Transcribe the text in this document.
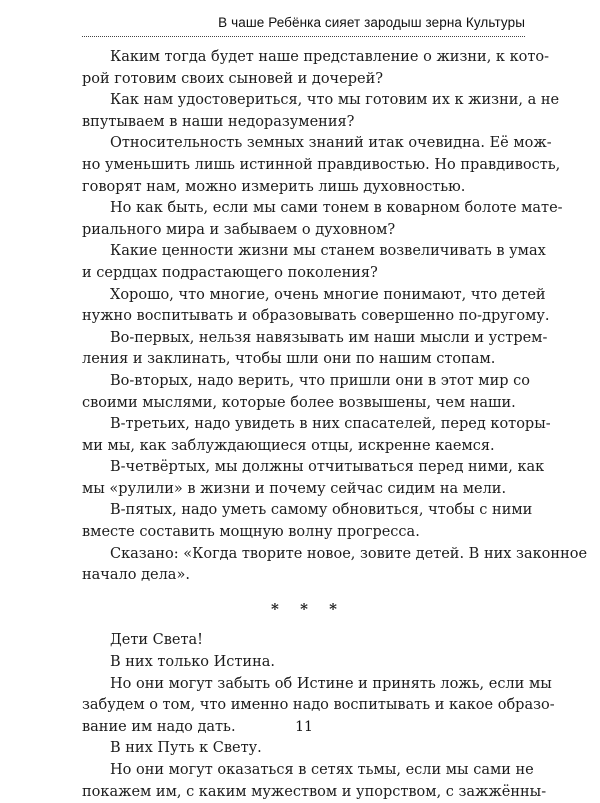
В чаше Ребёнка сияет зародыш зерна Культуры

Каким тогда будет наше представление о жизни, к кото-
рой готовим своих сыновей и дочерей?

Как нам удостовериться, что мы готовим их к жизни, а не
впутываем в наши недоразумения?

Относительность земных знаний итак очевидна. Её мож-
но уменьшить лишь истинной правдивостью. Но правдивость,
говорят нам, можно измерить лишь духовностью.

Но как быть, если мы сами тонем в коварном болоте мате-
риального мира и забываем о духовном?

Какие ценности жизни мы станем возвеличивать в умах
и сердцах подрастающего поколения?

Хорошо, что многие, очень многие понимают, что детей
нужно воспитывать и образовывать совершенно по-другому.

Во-первых, нельзя навязывать им наши мысли и устрем-
ления и заклинать, чтобы шли они по нашим стопам.

Во-вторых, надо верить, что пришли они в этот мир со
своими мыслями, которые более возвышены, чем наши.

В-третьих, надо увидеть в них спасателей, перед которы-
ми мы, как заблуждающиеся отцы, искренне каемся.

В-четвёртых, мы должны отчитываться перед ними, как
мы «рулили» в жизни и почему сейчас сидим на мели.

В-пятых, надо уметь самому обновиться, чтобы с ними
вместе составить мощную волну прогресса.

Сказано: «Когда творите новое, зовите детей. В них законное
начало дела».

* * *

Дети Света!

В них только Истина.

Но они могут забыть об Истине и принять ложь, если мы
забудем о том, что именно надо воспитывать и какое образо-
вание им надо дать.

В них Путь к Свету.

Но они могут оказаться в сетях тьмы, если мы сами не
покажем им, с каким мужеством и упорством, с зажжённы-

11
